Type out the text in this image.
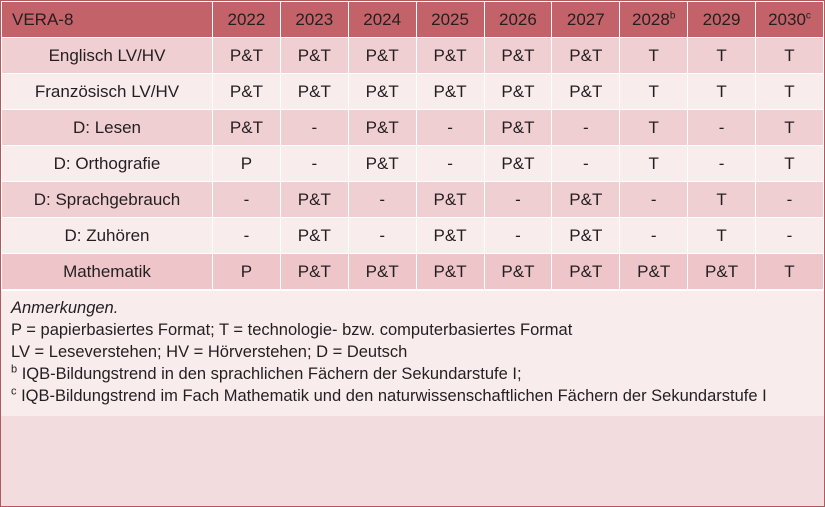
VERA-8	2022	2023	2024	2025	2026	2027	2028$^b$	2029	2030$^c$
Englisch LV/HV	P&T	P&T	P&T	P&T	P&T	P&T	T	T	T
Französisch LV/HV	P&T	P&T	P&T	P&T	P&T	P&T	T	T	T
D: Lesen	P&T	-	P&T	-	P&T	-	T	-	T
D: Orthografie	P	-	P&T	-	P&T	-	T	-	T
D: Sprachgebrauch	-	P&T	-	P&T	-	P&T	-	T	-
D: Zuhören	-	P&T	-	P&T	-	P&T	-	T	-
Mathematik	P	P&T	P&T	P&T	P&T	P&T	P&T	P&T	T
Anmerkungen.
P = papierbasiertes Format; T = technologie- bzw. computerbasiertes Format
LV = Leseverstehen; HV = Hörverstehen; D = Deutsch
$^b$ IQB-Bildungstrend in den sprachlichen Fächern der Sekundarstufe I;
$^c$ IQB-Bildungstrend im Fach Mathematik und den naturwissenschaftlichen Fächern der Sekundarstufe I
